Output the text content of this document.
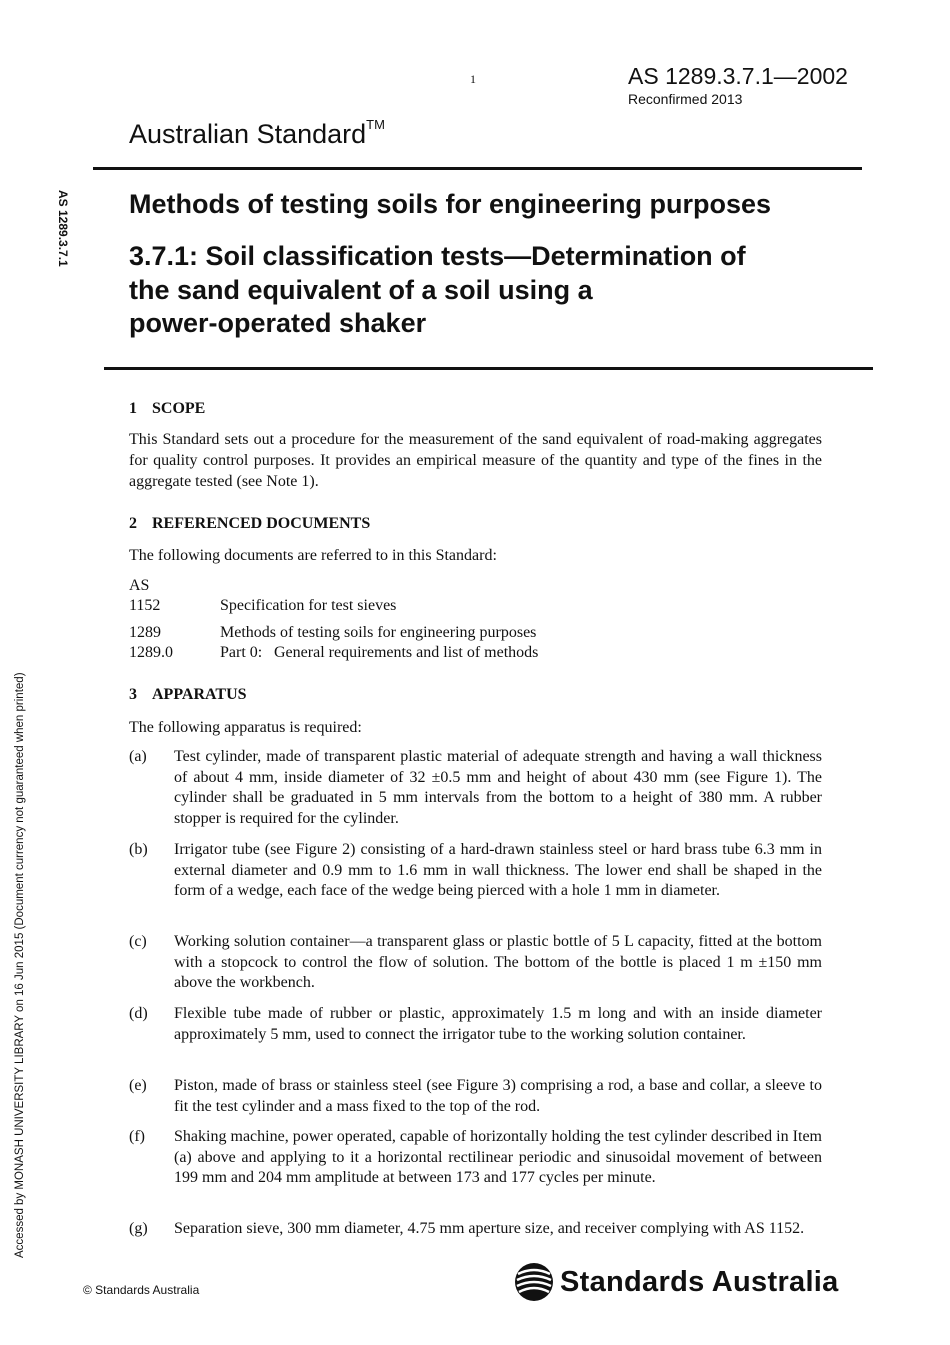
1	AS 1289.3.7.1—2002
Reconfirmed 2013
Australian Standard™
AS 1289.3.7.1
Accessed by MONASH UNIVERSITY LIBRARY on 16 Jun 2015 (Document currency not guaranteed when printed)
Methods of testing soils for engineering purposes
3.7.1: Soil classification tests—Determination of
the sand equivalent of a soil using a
power-operated shaker
1 SCOPE
This Standard sets out a procedure for the measurement of the sand equivalent of road-making aggregates for quality control purposes. It provides an empirical measure of the quantity and type of the fines in the aggregate tested (see Note 1).
2 REFERENCED DOCUMENTS
The following documents are referred to in this Standard:
AS
1152	Specification for test sieves
1289	Methods of testing soils for engineering purposes
1289.0	Part 0: General requirements and list of methods
3 APPARATUS
The following apparatus is required:
(a) Test cylinder, made of transparent plastic material of adequate strength and having a wall thickness of about 4 mm, inside diameter of 32 ±0.5 mm and height of about 430 mm (see Figure 1). The cylinder shall be graduated in 5 mm intervals from the bottom to a height of 380 mm. A rubber stopper is required for the cylinder.
(b) Irrigator tube (see Figure 2) consisting of a hard-drawn stainless steel or hard brass tube 6.3 mm in external diameter and 0.9 mm to 1.6 mm in wall thickness. The lower end shall be shaped in the form of a wedge, each face of the wedge being pierced with a hole 1 mm in diameter.
(c) Working solution container—a transparent glass or plastic bottle of 5 L capacity, fitted at the bottom with a stopcock to control the flow of solution. The bottom of the bottle is placed 1 m ±150 mm above the workbench.
(d) Flexible tube made of rubber or plastic, approximately 1.5 m long and with an inside diameter approximately 5 mm, used to connect the irrigator tube to the working solution container.
(e) Piston, made of brass or stainless steel (see Figure 3) comprising a rod, a base and collar, a sleeve to fit the test cylinder and a mass fixed to the top of the rod.
(f) Shaking machine, power operated, capable of horizontally holding the test cylinder described in Item (a) above and applying to it a horizontal rectilinear periodic and sinusoidal movement of between 199 mm and 204 mm amplitude at between 173 and 177 cycles per minute.
(g) Separation sieve, 300 mm diameter, 4.75 mm aperture size, and receiver complying with AS 1152.
© Standards Australia	Standards Australia
